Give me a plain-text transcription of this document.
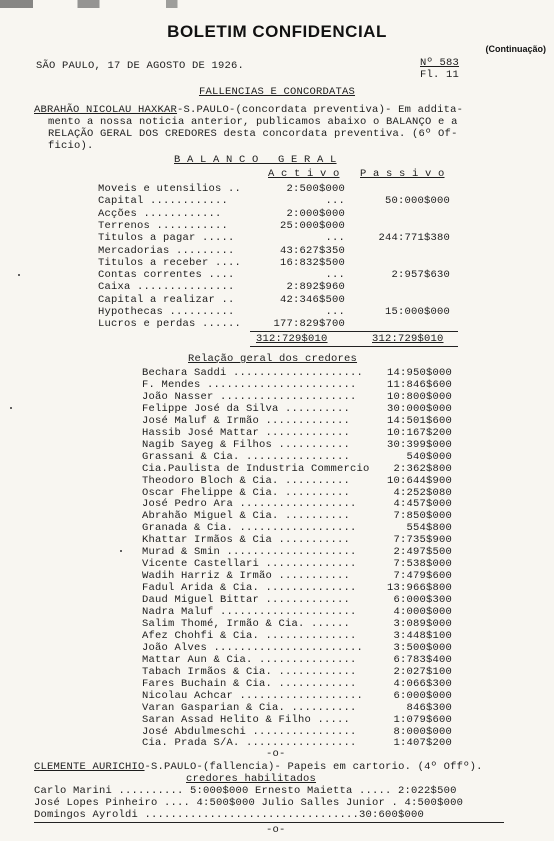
BOLETIM CONFIDENCIAL
(Continuação)
SÃO PAULO, 17 DE AGOSTO DE 1926.	Nº 583
Fl. 11
FALLENCIAS E CONCORDATAS
ABRAHÃO NICOLAU HAXKAR-S.PAULO-(concordata preventiva)- Em additа-
mento a nossa noticia anterior, publicamos abaixo o BALANÇO e a
RELAÇÃO GERAL DOS CREDORES desta concordata preventiva. (6º Of-
ficio).
B A L A N C O   G E R A L
A c t i v o P a s s i v o
Moveis e utensilios ..	2:500$000
Capital ............	...	50:000$000
Acções ............	2:000$000
Terrenos ...........	25:000$000
Titulos a pagar .....	...	244:771$380
Mercadorias .........	43:627$350
Titulos a receber ....	16:832$500
Contas correntes ....	...	2:957$630
Caixa ...............	2:892$960
Capital a realizar ..	42:346$500
Hypothecas ..........	...	15:000$000
Lucros e perdas ......	177:829$700
312:729$010	312:729$010
Relação geral dos credores
Bechara Saddi .................... 14:950$000
F. Mendes .......................	11:846$600
João Nasser .....................	10:800$000
Felippe José da Silva ..........	30:000$000
José Maluf & Irmão .............	14:501$600
Hassib José Mattar .............	10:167$200
Nagib Sayeg & Filhos ...........	30:399$000
Grassani & Cia. ................	540$000
Cia.Paulista de Industria Commercio 2:362$800
Theodoro Bloch & Cia. ..........	10:644$900
Oscar Fhelippe & Cia. ..........	4:252$080
José Pedro Ara ..................	4:457$000
Abrahão Miguel & Cia. ..........	7:850$000
Granada & Cia. ..................	554$800
Khattar Irmãos & Cia ...........	7:735$900
Murad & Smin ....................	2:497$500
Vicente Castellari ..............	7:538$000
Wadih Harriz & Irmão ...........	7:479$600
Fadul Arida & Cia. ..............	13:966$800
Daud Miguel Bittar .............	6:000$300
Nadra Maluf .....................	4:000$000
Salim Thomé, Irmão & Cia. ......	3:089$000
Afez Chohfi & Cia. ..............	3:448$100
João Alves .......................	3:500$000
Mattar Aun & Cia. ...............	6:783$400
Tabach Irmãos & Cia. ............	2:027$100
Fares Buchain & Cia. ............	4:066$300
Nicolau Achcar ...................	6:000$000
Varan Gasparian & Cia. ..........	846$300
Saran Assad Helito & Filho .....	1:079$600
José Abdulmeschi ................	8:000$000
Cia. Prada S/A. .................	1:407$200
-o-
CLEMENTE AURICHIO-S.PAULO-(fallencia)- Papeis em cartorio. (4º Offº).
credores habilitados
Carlo Marini .......... 5:000$000 Ernesto Maietta ..... 2:022$500
José Lopes Pinheiro .... 4:500$000 Julio Salles Junior . 4:500$000
Domingos Ayroldi .................................30:600$000
-o-
